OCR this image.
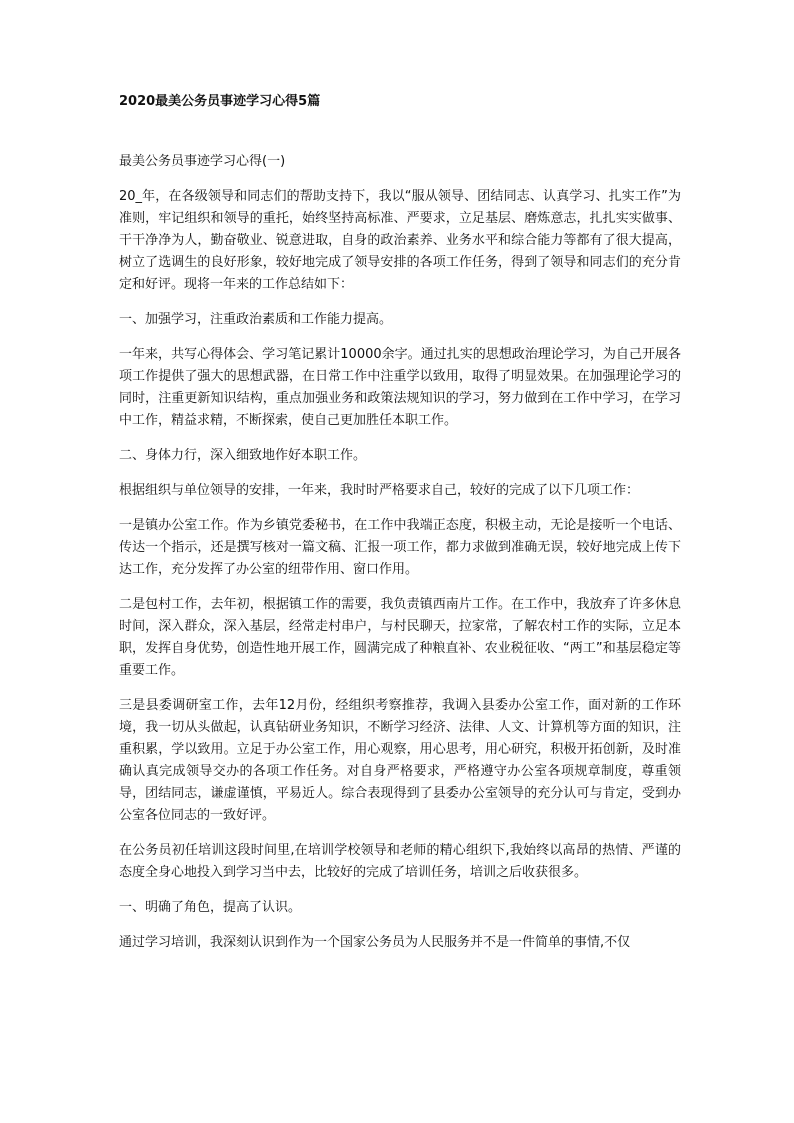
2020最美公务员事迹学习心得5篇

最美公务员事迹学习心得(一)

20_年，在各级领导和同志们的帮助支持下，我以“服从领导、团结同志、认真学习、扎实工作”为准则，牢记组织和领导的重托，始终坚持高标准、严要求，立足基层、磨炼意志，扎扎实实做事、干干净净为人，勤奋敬业、锐意进取，自身的政治素养、业务水平和综合能力等都有了很大提高，树立了选调生的良好形象，较好地完成了领导安排的各项工作任务，得到了领导和同志们的充分肯定和好评。现将一年来的工作总结如下：

一、加强学习，注重政治素质和工作能力提高。

一年来，共写心得体会、学习笔记累计10000余字。通过扎实的思想政治理论学习，为自己开展各项工作提供了强大的思想武器，在日常工作中注重学以致用，取得了明显效果。在加强理论学习的同时，注重更新知识结构，重点加强业务和政策法规知识的学习，努力做到在工作中学习，在学习中工作，精益求精，不断探索，使自己更加胜任本职工作。

二、身体力行，深入细致地作好本职工作。

根据组织与单位领导的安排，一年来，我时时严格要求自己，较好的完成了以下几项工作：

一是镇办公室工作。作为乡镇党委秘书，在工作中我端正态度，积极主动，无论是接听一个电话、传达一个指示，还是撰写核对一篇文稿、汇报一项工作，都力求做到准确无误，较好地完成上传下达工作，充分发挥了办公室的纽带作用、窗口作用。

二是包村工作，去年初，根据镇工作的需要，我负责镇西南片工作。在工作中，我放弃了许多休息时间，深入群众，深入基层，经常走村串户，与村民聊天，拉家常，了解农村工作的实际，立足本职，发挥自身优势，创造性地开展工作，圆满完成了种粮直补、农业税征收、“两工”和基层稳定等重要工作。

三是县委调研室工作，去年12月份，经组织考察推荐，我调入县委办公室工作，面对新的工作环境，我一切从头做起，认真钻研业务知识，不断学习经济、法律、人文、计算机等方面的知识，注重积累，学以致用。立足于办公室工作，用心观察，用心思考，用心研究，积极开拓创新，及时准确认真完成领导交办的各项工作任务。对自身严格要求，严格遵守办公室各项规章制度，尊重领导，团结同志，谦虚谨慎，平易近人。综合表现得到了县委办公室领导的充分认可与肯定，受到办公室各位同志的一致好评。

在公务员初任培训这段时间里,在培训学校领导和老师的精心组织下,我始终以高昂的热情、严谨的态度全身心地投入到学习当中去，比较好的完成了培训任务，培训之后收获很多。

一、明确了角色，提高了认识。

通过学习培训，我深刻认识到作为一个国家公务员为人民服务并不是一件简单的事情,不仅
